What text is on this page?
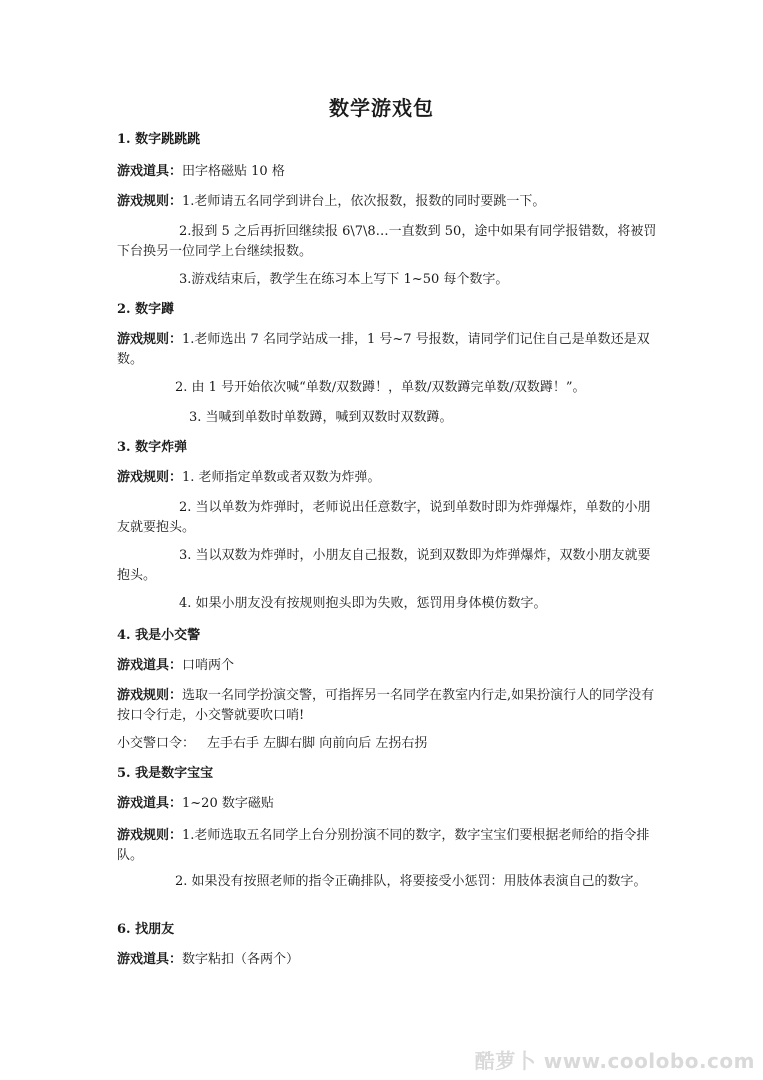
数学游戏包
1. 数字跳跳跳
游戏道具：田字格磁贴 10 格
游戏规则：1.老师请五名同学到讲台上，依次报数，报数的同时要跳一下。
2.报到 5 之后再折回继续报 6\7\8…一直数到 50，途中如果有同学报错数，将被罚下台换另一位同学上台继续报数。
3.游戏结束后，教学生在练习本上写下 1~50 每个数字。
2. 数字蹲
游戏规则：1.老师选出 7 名同学站成一排，1 号~7 号报数，请同学们记住自己是单数还是双数。
2. 由 1 号开始依次喊“单数/双数蹲！，单数/双数蹲完单数/双数蹲！”。
3. 当喊到单数时单数蹲，喊到双数时双数蹲。
3. 数字炸弹
游戏规则：1. 老师指定单数或者双数为炸弹。
2. 当以单数为炸弹时，老师说出任意数字，说到单数时即为炸弹爆炸，单数的小朋友就要抱头。
3. 当以双数为炸弹时，小朋友自己报数，说到双数即为炸弹爆炸，双数小朋友就要抱头。
4. 如果小朋友没有按规则抱头即为失败，惩罚用身体模仿数字。
4. 我是小交警
游戏道具：口哨两个
游戏规则：选取一名同学扮演交警，可指挥另一名同学在教室内行走,如果扮演行人的同学没有按口令行走，小交警就要吹口哨!
小交警口令： 左手右手 左脚右脚 向前向后 左拐右拐
5. 我是数字宝宝
游戏道具：1~20 数字磁贴
游戏规则：1.老师选取五名同学上台分别扮演不同的数字，数字宝宝们要根据老师给的指令排队。
2. 如果没有按照老师的指令正确排队，将要接受小惩罚：用肢体表演自己的数字。
6. 找朋友
游戏道具：数字粘扣（各两个）
酷萝卜 www.coolobo.com
